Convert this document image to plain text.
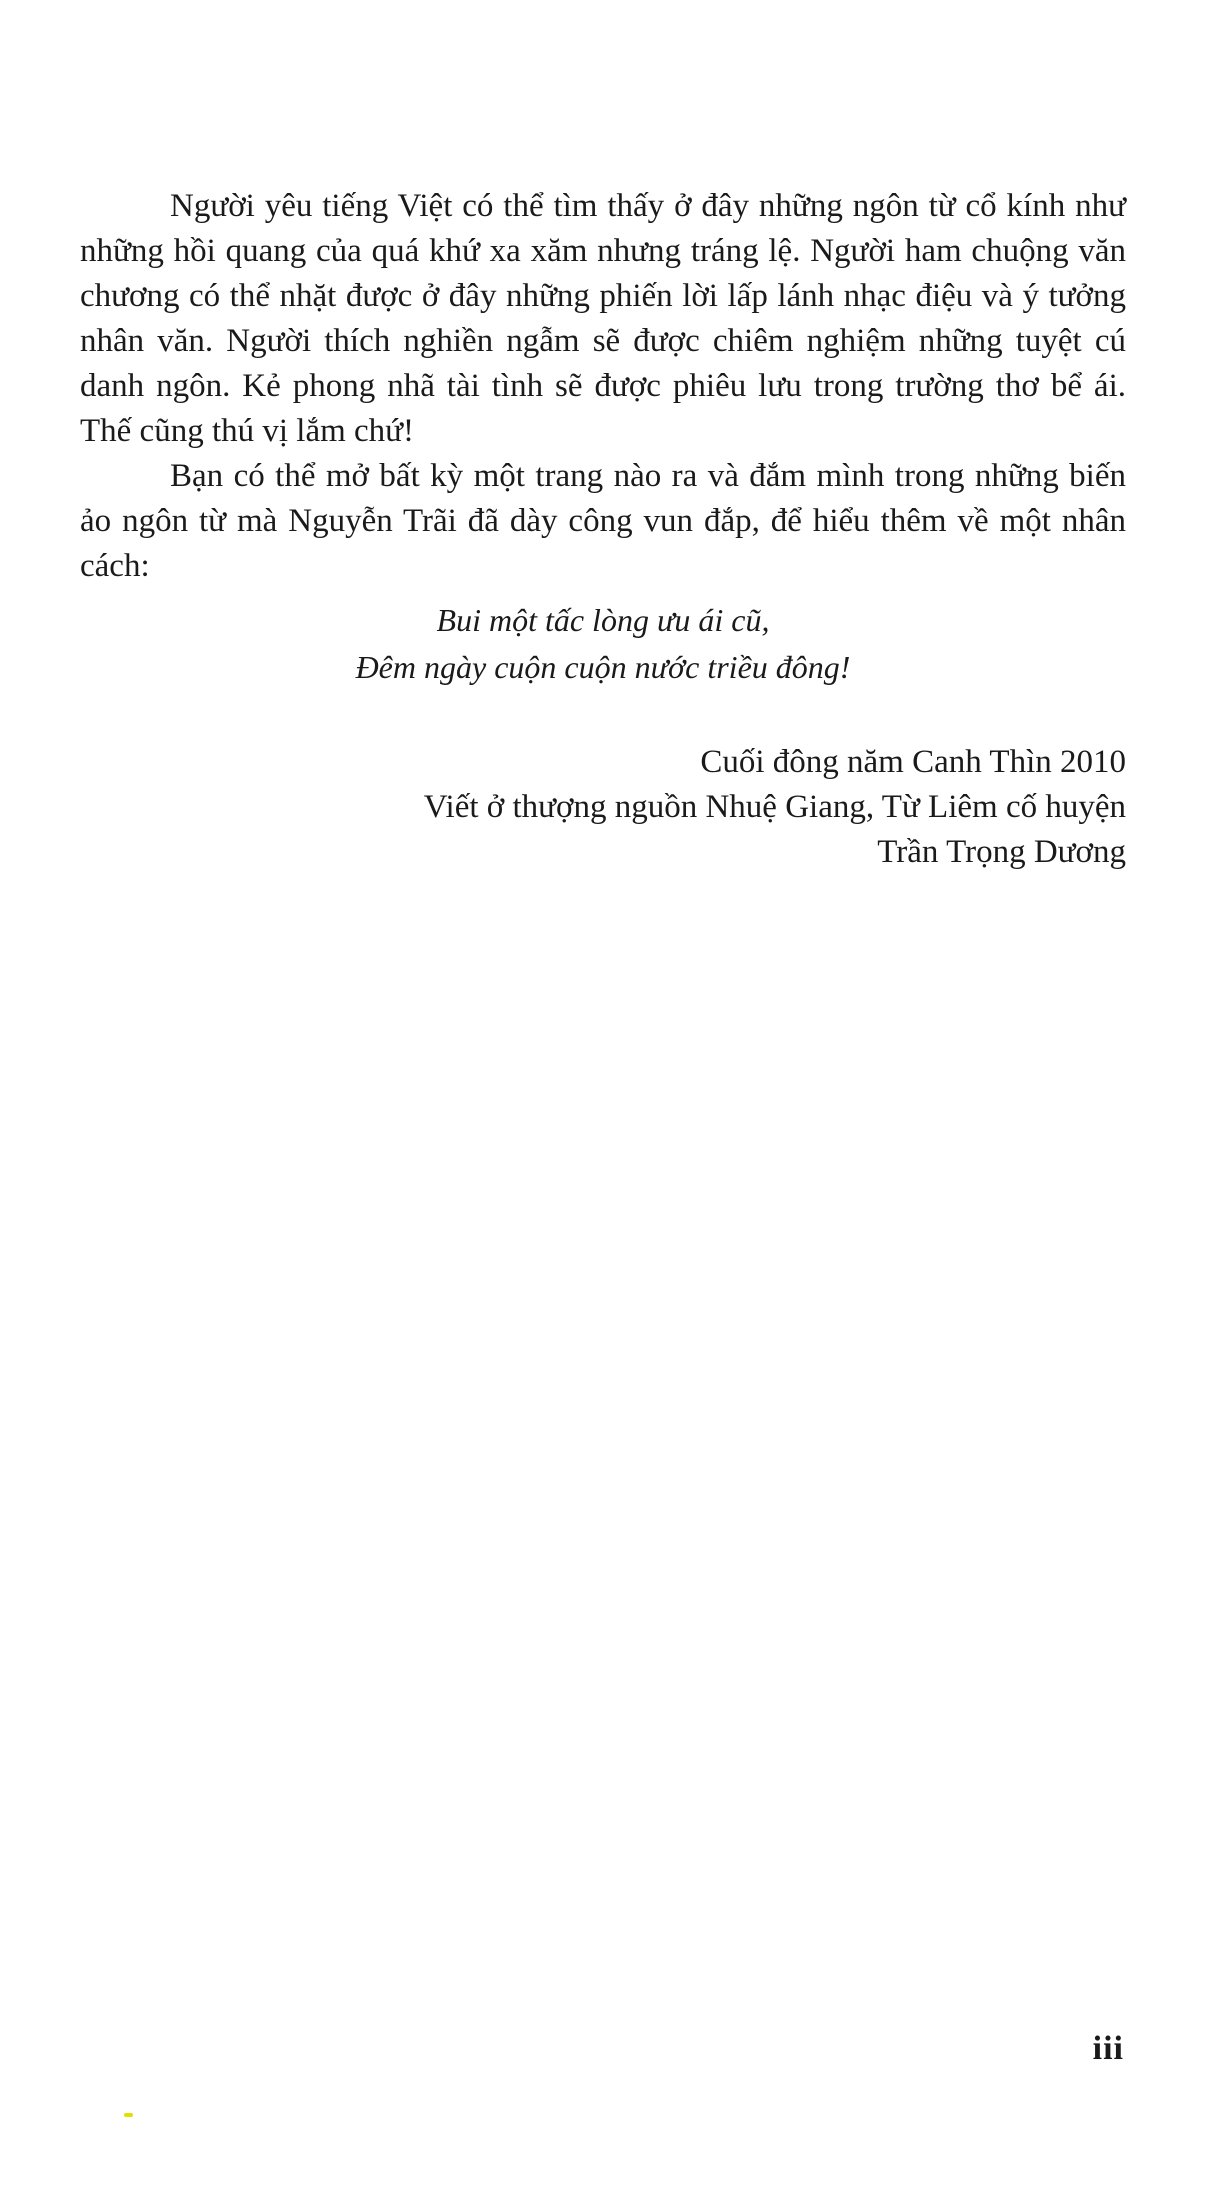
Người yêu tiếng Việt có thể tìm thấy ở đây những ngôn từ cổ kính như những hồi quang của quá khứ xa xăm nhưng tráng lệ. Người ham chuộng văn chương có thể nhặt được ở đây những phiến lời lấp lánh nhạc điệu và ý tưởng nhân văn. Người thích nghiền ngẫm sẽ được chiêm nghiệm những tuyệt cú danh ngôn. Kẻ phong nhã tài tình sẽ được phiêu lưu trong trường thơ bể ái. Thế cũng thú vị lắm chứ!

Bạn có thể mở bất kỳ một trang nào ra và đắm mình trong những biến ảo ngôn từ mà Nguyễn Trãi đã dày công vun đắp, để hiểu thêm về một nhân cách:

Bui một tấc lòng ưu ái cũ,
Đêm ngày cuộn cuộn nước triều đông!
Cuối đông năm Canh Thìn 2010
Viết ở thượng nguồn Nhuệ Giang, Từ Liêm cố huyện
Trần Trọng Dương
iii
